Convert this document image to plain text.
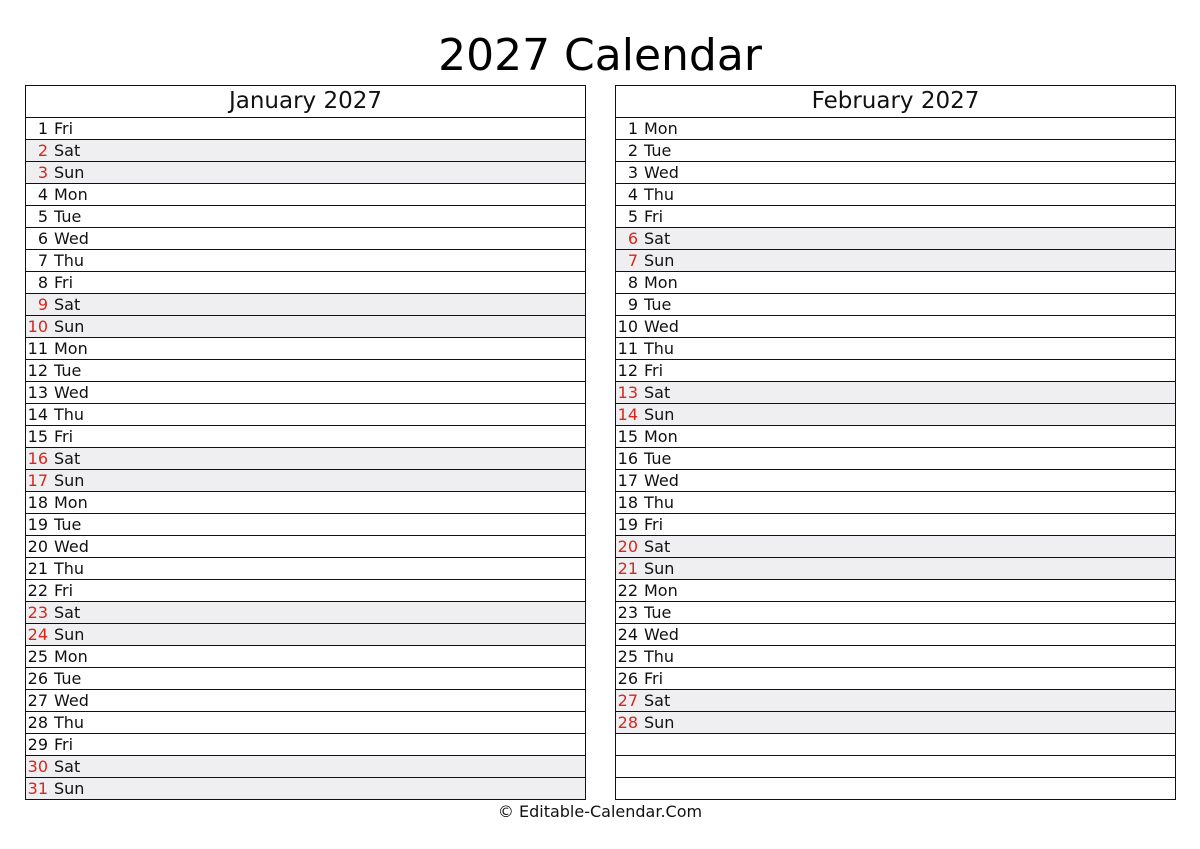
2027 Calendar
January 2027
1 Fri
2 Sat
3 Sun
4 Mon
5 Tue
6 Wed
7 Thu
8 Fri
9 Sat
10 Sun
11 Mon
12 Tue
13 Wed
14 Thu
15 Fri
16 Sat
17 Sun
18 Mon
19 Tue
20 Wed
21 Thu
22 Fri
23 Sat
24 Sun
25 Mon
26 Tue
27 Wed
28 Thu
29 Fri
30 Sat
31 Sun
February 2027
1 Mon
2 Tue
3 Wed
4 Thu
5 Fri
6 Sat
7 Sun
8 Mon
9 Tue
10 Wed
11 Thu
12 Fri
13 Sat
14 Sun
15 Mon
16 Tue
17 Wed
18 Thu
19 Fri
20 Sat
21 Sun
22 Mon
23 Tue
24 Wed
25 Thu
26 Fri
27 Sat
28 Sun
© Editable-Calendar.Com
